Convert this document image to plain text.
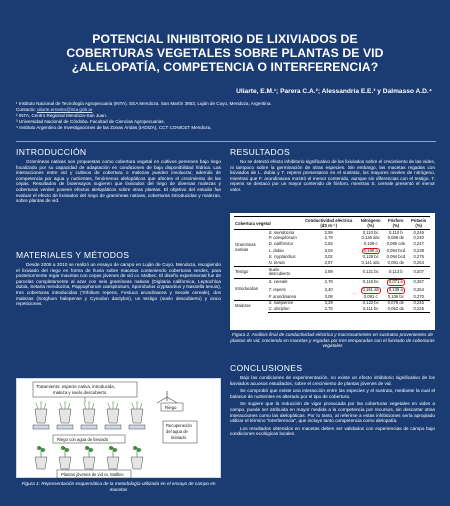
POTENCIAL INHIBITORIO DE LIXIVIADOS DE
COBERTURAS VEGETALES SOBRE PLANTAS DE VID
¿ALELOPATÍA, COMPETENCIA O INTERFERENCIA?
Uliarte, E.M.¹; Parera C.A.²; Alessandria E.E.³ y Dalmasso A.D.⁴
¹ Instituto Nacional de Tecnología Agropecuaria (INTA). EEA Mendoza. San Martín 3853, Luján de Cuyo, Mendoza, Argentina.
Contacto: uliarte.ernesto@inta.gob.ar
² INTA, Centro Regional Mendoza-San Juan.
³ Universidad Nacional de Córdoba. Facultad de Ciencias Agropecuarias.
⁴ Instituto Argentino de Investigaciones de las Zonas Áridas (IADIZA), CCT CONICET Mendoza.
INTRODUCCIÓN

Gramíneas nativas son propuestas como cobertura vegetal en cultivos perennes bajo riego focalizado por su capacidad de adaptación en condiciones de baja disponibilidad hídrica. Las interacciones entre vid y cultivos de cobertura o malezas pueden involucrar, además de competencia por agua y nutrientes, fenómenos alelopáticos que afecten el crecimiento de las cepas. Resultados de bioensayos sugieren que lixiviados del riego de diversas malezas y coberturas verdes poseen efectos alelopáticos sobre otras plantas. El objetivo del estudio fue evaluar el efecto de lixiviados del riego de gramíneas nativas, coberturas introducidas y malezas, sobre plantas de vid.

MATERIALES Y MÉTODOS

Desde 2008 a 2010 se realizó un ensayo de campo en Luján de Cuyo, Mendoza, recogiendo el lixiviado del riego en forma de lluvia sobre macetas conteniendo coberturas verdes, para posteriormente regar macetas con cepas jóvenes de vid cv. Malbec. El diseño experimental fue de parcelas completamente al azar con seis gramíneas nativas (Digitaria californica, Leptochloa dubia, Setaria mendocina, Pappophorum caespitosum, Sporobolus cryptandrus y Nassella tenuis), tres coberturas introducidas (Trifolium repens, Festuca arundinacea y Secale cereale), dos malezas (Sorghum halepense y Cynodon dactylon), un testigo (suelo descubierto) y cinco repeticiones.

Tratamiento: especie nativa, introducida,
maleza y suelo descubierto
Riego
Recuperación
del agua de
lixiviado
Riego con agua de lixiviado
Plantas jóvenes de vid cv. Malbec

Figura 1: Representación esquemática de la metodología utilizada en el ensayo de campo en macetas

RESULTADOS

No se detectó efecto inhibitorio significativo de los lixiviados sobre el crecimiento de las vides, ni tampoco sobre la germinación de otras especies. Sin embargo, las macetas regadas con lixiviados de L. dubia y T. repens presentaron en el sustrato, los mayores niveles de nitrógeno, mientras que F. arundinacea mostró el menor contenido, aunque sin diferencias con el testigo. T. repens se destacó por un mayor contenido de fósforo, mientras S. cereale presentó el menor valor.

Cobertura vegetal		Conductividad eléctrica (dS m⁻¹)	Nitrógeno (%)	Fósforo (%)	Potasio (%)
Gramíneas nativas	S. mendocina	2,59	0,110 bc	0,110 b	0,246
	P. caespitosum	2,79	0,135 abc	0,066 de	0,240
	D. californica	2,93	0,106 c	0,090 cde	0,247
	L. dubia	3,04	0,188 a	0,094 bcd	0,238
	S. cryptandrus	3,02	0,129 bc	0,094 bcd	0,275
	N. tenuis	2,87	0,141 abc	0,091 de	0,254
Testigo	Suelo descubierto	2,89	0,121 bc	0,113 b	0,207
Introducidas	S. cereale	2,76	0,115 bc	0,071 e	0,267
	T. repens	3,40	0,161 ab	0,136 a	0,254
	F. arundinacea	3,08	0,091 c	0,106 bc	0,270
Malezas	S. halepense	3,29	0,122 bc	0,078 de	0,245
	C. dactylon	2,75	0,111 bc	0,062 de	0,225

Figura 2. Análisis final de conductividad eléctrica y macronutrientes en sustratos provenientes de plantas de vid, creciendo en macetas y regadas por tres temporadas con el lixiviado de coberturas vegetales

CONCLUSIONES

Bajo las condiciones de experimentación, no existe un efecto inhibitorio significativo de los lixiviados acuosos estudiados, sobre el crecimiento de plantas jóvenes de vid.

Se comprobó que existe una interacción entre las especies y el sustrato, mediante la cual el balance de nutrientes es alterado por el tipo de cobertura.

Se sugiere que la reducción de vigor provocada por las coberturas vegetales en vides a campo, puede ser atribuida en mayor medida a la competencia por recursos, sin descartar otras interacciones como las alelopáticas. Por lo tanto, al referirse a estas inhibiciones sería apropiado utilizar el término "interferencia", que incluye tanto competencia como alelopatía.

Los resultados obtenidos en macetas deben ser validados con experiencias de campo bajo condiciones ecológicas locales.
